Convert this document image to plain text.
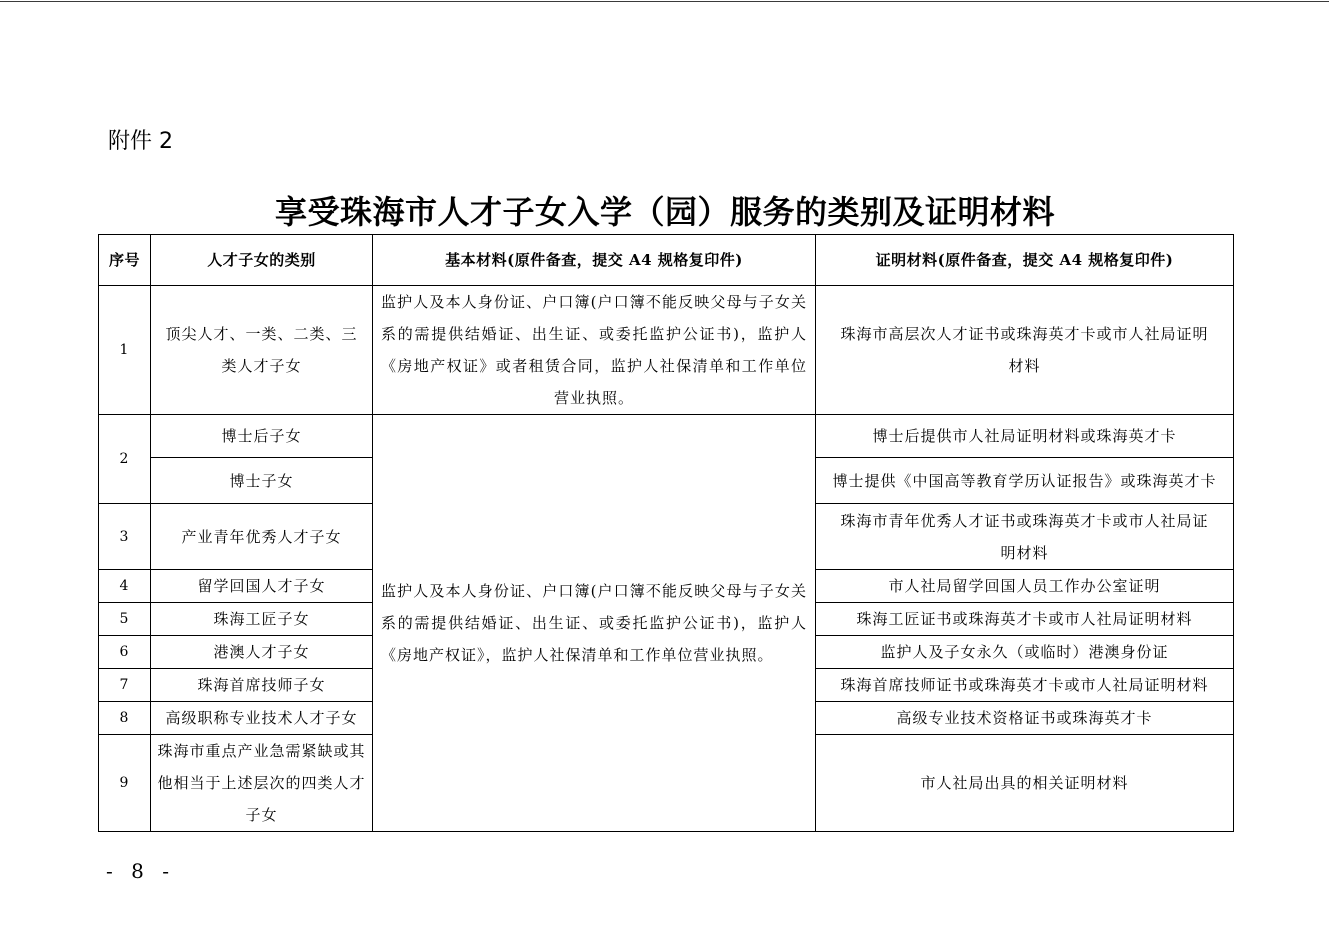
附件 2
享受珠海市人才子女入学（园）服务的类别及证明材料
序号	人才子女的类别	基本材料(原件备查，提交 A4 规格复印件)	证明材料(原件备查，提交 A4 规格复印件)
1	顶尖人才、一类、二类、三类人才子女	监护人及本人身份证、户口簿(户口簿不能反映父母与子女关系的需提供结婚证、出生证、或委托监护公证书)，监护人《房地产权证》或者租赁合同，监护人社保清单和工作单位营业执照。	珠海市高层次人才证书或珠海英才卡或市人社局证明材料
2	博士后子女	监护人及本人身份证、户口簿(户口簿不能反映父母与子女关系的需提供结婚证、出生证、或委托监护公证书)，监护人《房地产权证》，监护人社保清单和工作单位营业执照。	博士后提供市人社局证明材料或珠海英才卡
	博士子女		博士提供《中国高等教育学历认证报告》或珠海英才卡
3	产业青年优秀人才子女		珠海市青年优秀人才证书或珠海英才卡或市人社局证明材料
4	留学回国人才子女		市人社局留学回国人员工作办公室证明
5	珠海工匠子女		珠海工匠证书或珠海英才卡或市人社局证明材料
6	港澳人才子女		监护人及子女永久（或临时）港澳身份证
7	珠海首席技师子女		珠海首席技师证书或珠海英才卡或市人社局证明材料
8	高级职称专业技术人才子女		高级专业技术资格证书或珠海英才卡
9	珠海市重点产业急需紧缺或其他相当于上述层次的四类人才子女		市人社局出具的相关证明材料
- 8 -
